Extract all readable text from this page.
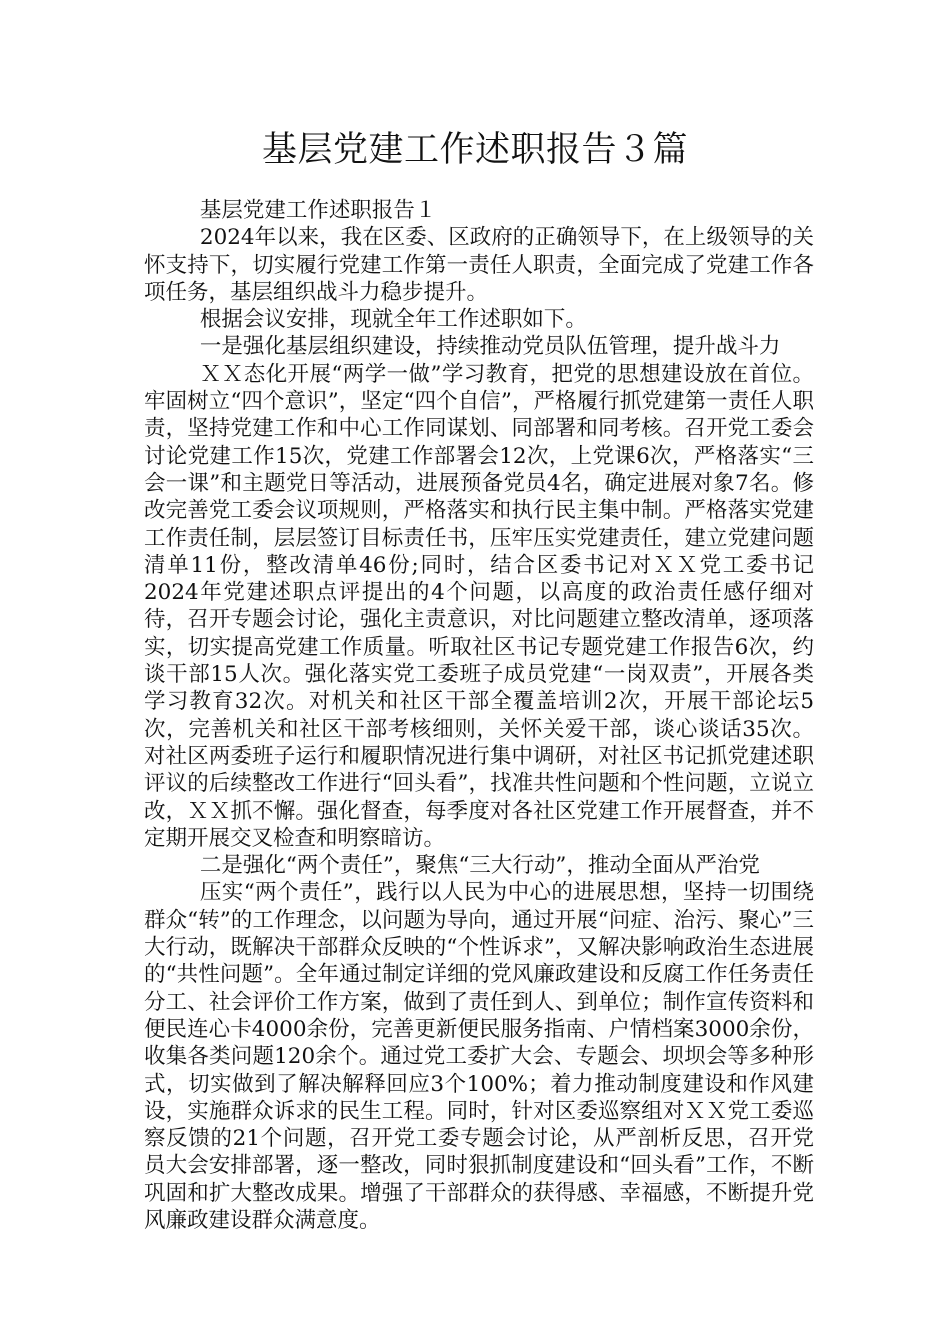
基层党建工作述职报告３篇

基层党建工作述职报告１

2024年以来，我在区委、区政府的正确领导下，在上级领导的关怀支持下，切实履行党建工作第一责任人职责，全面完成了党建工作各项任务，基层组织战斗力稳步提升。

根据会议安排，现就全年工作述职如下。

一是强化基层组织建设，持续推动党员队伍管理，提升战斗力

ＸＸ态化开展“两学一做”学习教育，把党的思想建设放在首位。牢固树立“四个意识”，坚定“四个自信”，严格履行抓党建第一责任人职责，坚持党建工作和中心工作同谋划、同部署和同考核。召开党工委会讨论党建工作15次，党建工作部署会12次，上党课6次，严格落实“三会一课”和主题党日等活动，进展预备党员4名，确定进展对象7名。修改完善党工委会议项规则，严格落实和执行民主集中制。严格落实党建工作责任制，层层签订目标责任书，压牢压实党建责任，建立党建问题清单11份，整改清单46份;同时，结合区委书记对ＸＸ党工委书记2024年党建述职点评提出的4个问题，以高度的政治责任感仔细对待，召开专题会讨论，强化主责意识，对比问题建立整改清单，逐项落实，切实提高党建工作质量。听取社区书记专题党建工作报告6次，约谈干部15人次。强化落实党工委班子成员党建“一岗双责”，开展各类学习教育32次。对机关和社区干部全覆盖培训2次，开展干部论坛5次，完善机关和社区干部考核细则，关怀关爱干部，谈心谈话35次。对社区两委班子运行和履职情况进行集中调研，对社区书记抓党建述职评议的后续整改工作进行“回头看”，找准共性问题和个性问题，立说立改，ＸＸ抓不懈。强化督查，每季度对各社区党建工作开展督查，并不定期开展交叉检查和明察暗访。

二是强化“两个责任”，聚焦“三大行动”，推动全面从严治党

压实“两个责任”，践行以人民为中心的进展思想，坚持一切围绕群众“转”的工作理念，以问题为导向，通过开展“问症、治污、聚心”三大行动，既解决干部群众反映的“个性诉求”，又解决影响政治生态进展的“共性问题”。全年通过制定详细的党风廉政建设和反腐工作任务责任分工、社会评价工作方案，做到了责任到人、到单位；制作宣传资料和便民连心卡4000余份，完善更新便民服务指南、户情档案3000余份，收集各类问题120余个。通过党工委扩大会、专题会、坝坝会等多种形式，切实做到了解决解释回应3个100%；着力推动制度建设和作风建设，实施群众诉求的民生工程。同时，针对区委巡察组对ＸＸ党工委巡察反馈的21个问题，召开党工委专题会讨论，从严剖析反思，召开党员大会安排部署，逐一整改，同时狠抓制度建设和“回头看”工作，不断巩固和扩大整改成果。增强了干部群众的获得感、幸福感，不断提升党风廉政建设群众满意度。
